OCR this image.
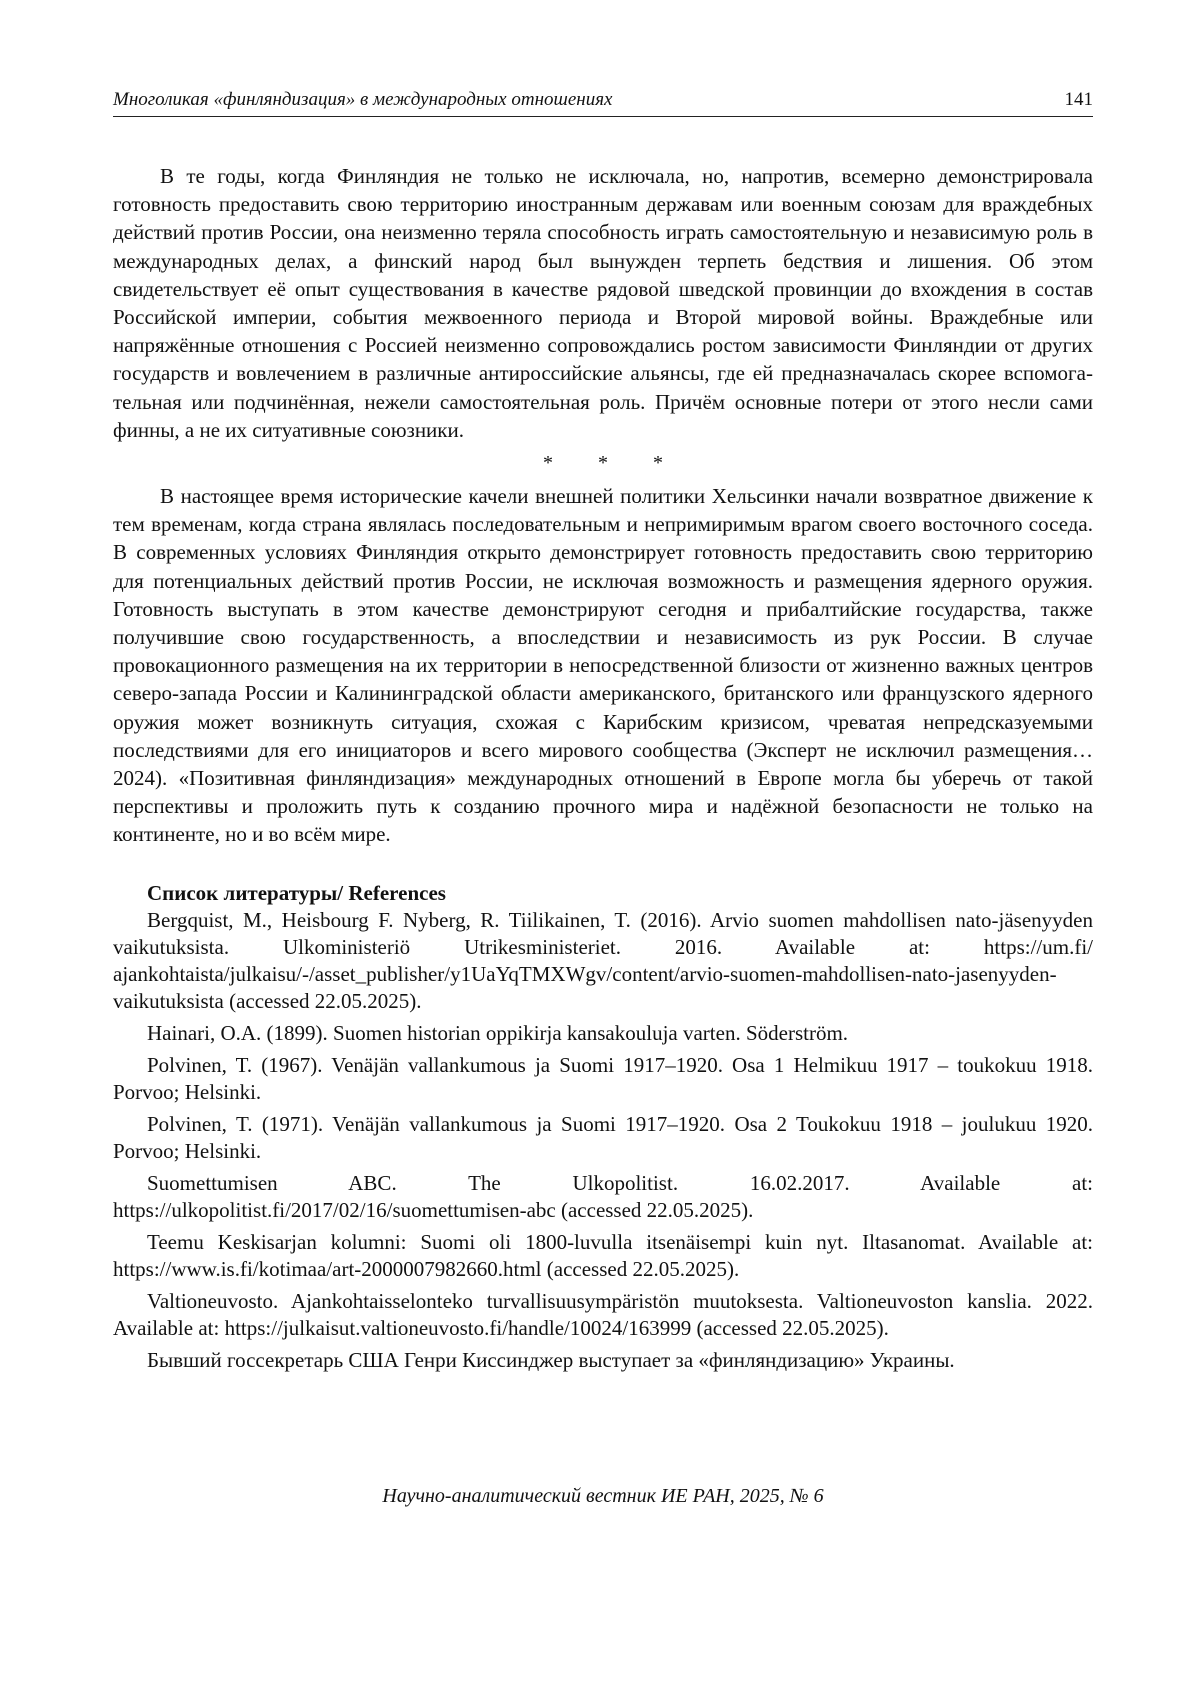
Многоликая «финляндизация» в международных отношениях	141

В те годы, когда Финляндия не только не исключала, но, напротив, всемерно демонстрировала готовность предоставить свою территорию иностранным державам или военным союзам для враждебных действий против России, она неизменно теряла способность играть самостоятельную и независимую роль в международных делах, а финский народ был вынужден терпеть бедствия и лишения. Об этом свидетельствует её опыт существования в качестве рядовой шведской провинции до вхождения в состав Российской империи, события межвоенного периода и Второй мировой войны. Враждебные или напряжённые отношения с Россией неизменно сопровождались ростом зависимости Финляндии от других государств и вовлечением в различные антироссийские альянсы, где ей предназначалась скорее вспомогательная или подчинённая, нежели самостоятельная роль. Причём основные потери от этого несли сами финны, а не их ситуативные союзники.

* * *

В настоящее время исторические качели внешней политики Хельсинки начали возвратное движение к тем временам, когда страна являлась последовательным и непримиримым врагом своего восточного соседа. В современных условиях Финляндия открыто демонстрирует готовность предоставить свою территорию для потенциальных действий против России, не исключая возможность и размещения ядерного оружия. Готовность выступать в этом качестве демонстрируют сегодня и прибалтийские государства, также получившие свою государственность, а впоследствии и независимость из рук России. В случае провокационного размещения на их территории в непосредственной близости от жизненно важных центров северо-запада России и Калининградской области американского, британского или французского ядерного оружия может возникнуть ситуация, схожая с Карибским кризисом, чреватая непредсказуемыми последствиями для его инициаторов и всего мирового сообщества (Эксперт не исключил размещения… 2024). «Позитивная финляндизация» международных отношений в Европе могла бы уберечь от такой перспективы и проложить путь к созданию прочного мира и надёжной безопасности не только на континенте, но и во всём мире.

Список литературы/ References

Bergquist, M., Heisbourg F. Nyberg, R. Tiilikainen, T. (2016). Arvio suomen mahdollisen nato-jäsenyyden vaikutuksista. Ulkoministeriö Utrikesministeriet. 2016. Available at: https://um.fi/ ajankohtaista/julkaisu/-/asset_publisher/y1UaYqTMXWgv/content/arvio-suomen-mahdollisen-nato-jasenyyden-vaikutuksista (accessed 22.05.2025).

Hainari, O.A. (1899). Suomen historian oppikirja kansakouluja varten. Söderström.

Polvinen, T. (1967). Venäjän vallankumous ja Suomi 1917–1920. Osa 1 Helmikuu 1917 – toukokuu 1918. Porvoo; Helsinki.

Polvinen, T. (1971). Venäjän vallankumous ja Suomi 1917–1920. Osa 2 Toukokuu 1918 – joulukuu 1920. Porvoo; Helsinki.

Suomettumisen ABC. The Ulkopolitist. 16.02.2017. Available at: https://ulkopolitist.fi/2017/02/16/suomettumisen-abc (accessed 22.05.2025).

Teemu Keskisarjan kolumni: Suomi oli 1800-luvulla itsenäisempi kuin nyt. Iltasanomat. Available at: https://www.is.fi/kotimaa/art-2000007982660.html (accessed 22.05.2025).

Valtioneuvosto. Ajankohtaisselonteko turvallisuusympäristön muutoksesta. Valtioneuvoston kanslia. 2022. Available at: https://julkaisut.valtioneuvosto.fi/handle/10024/163999 (accessed 22.05.2025).

Бывший госсекретарь США Генри Киссинджер выступает за «финляндизацию» Украины.

Научно-аналитический вестник ИЕ РАН, 2025, № 6
